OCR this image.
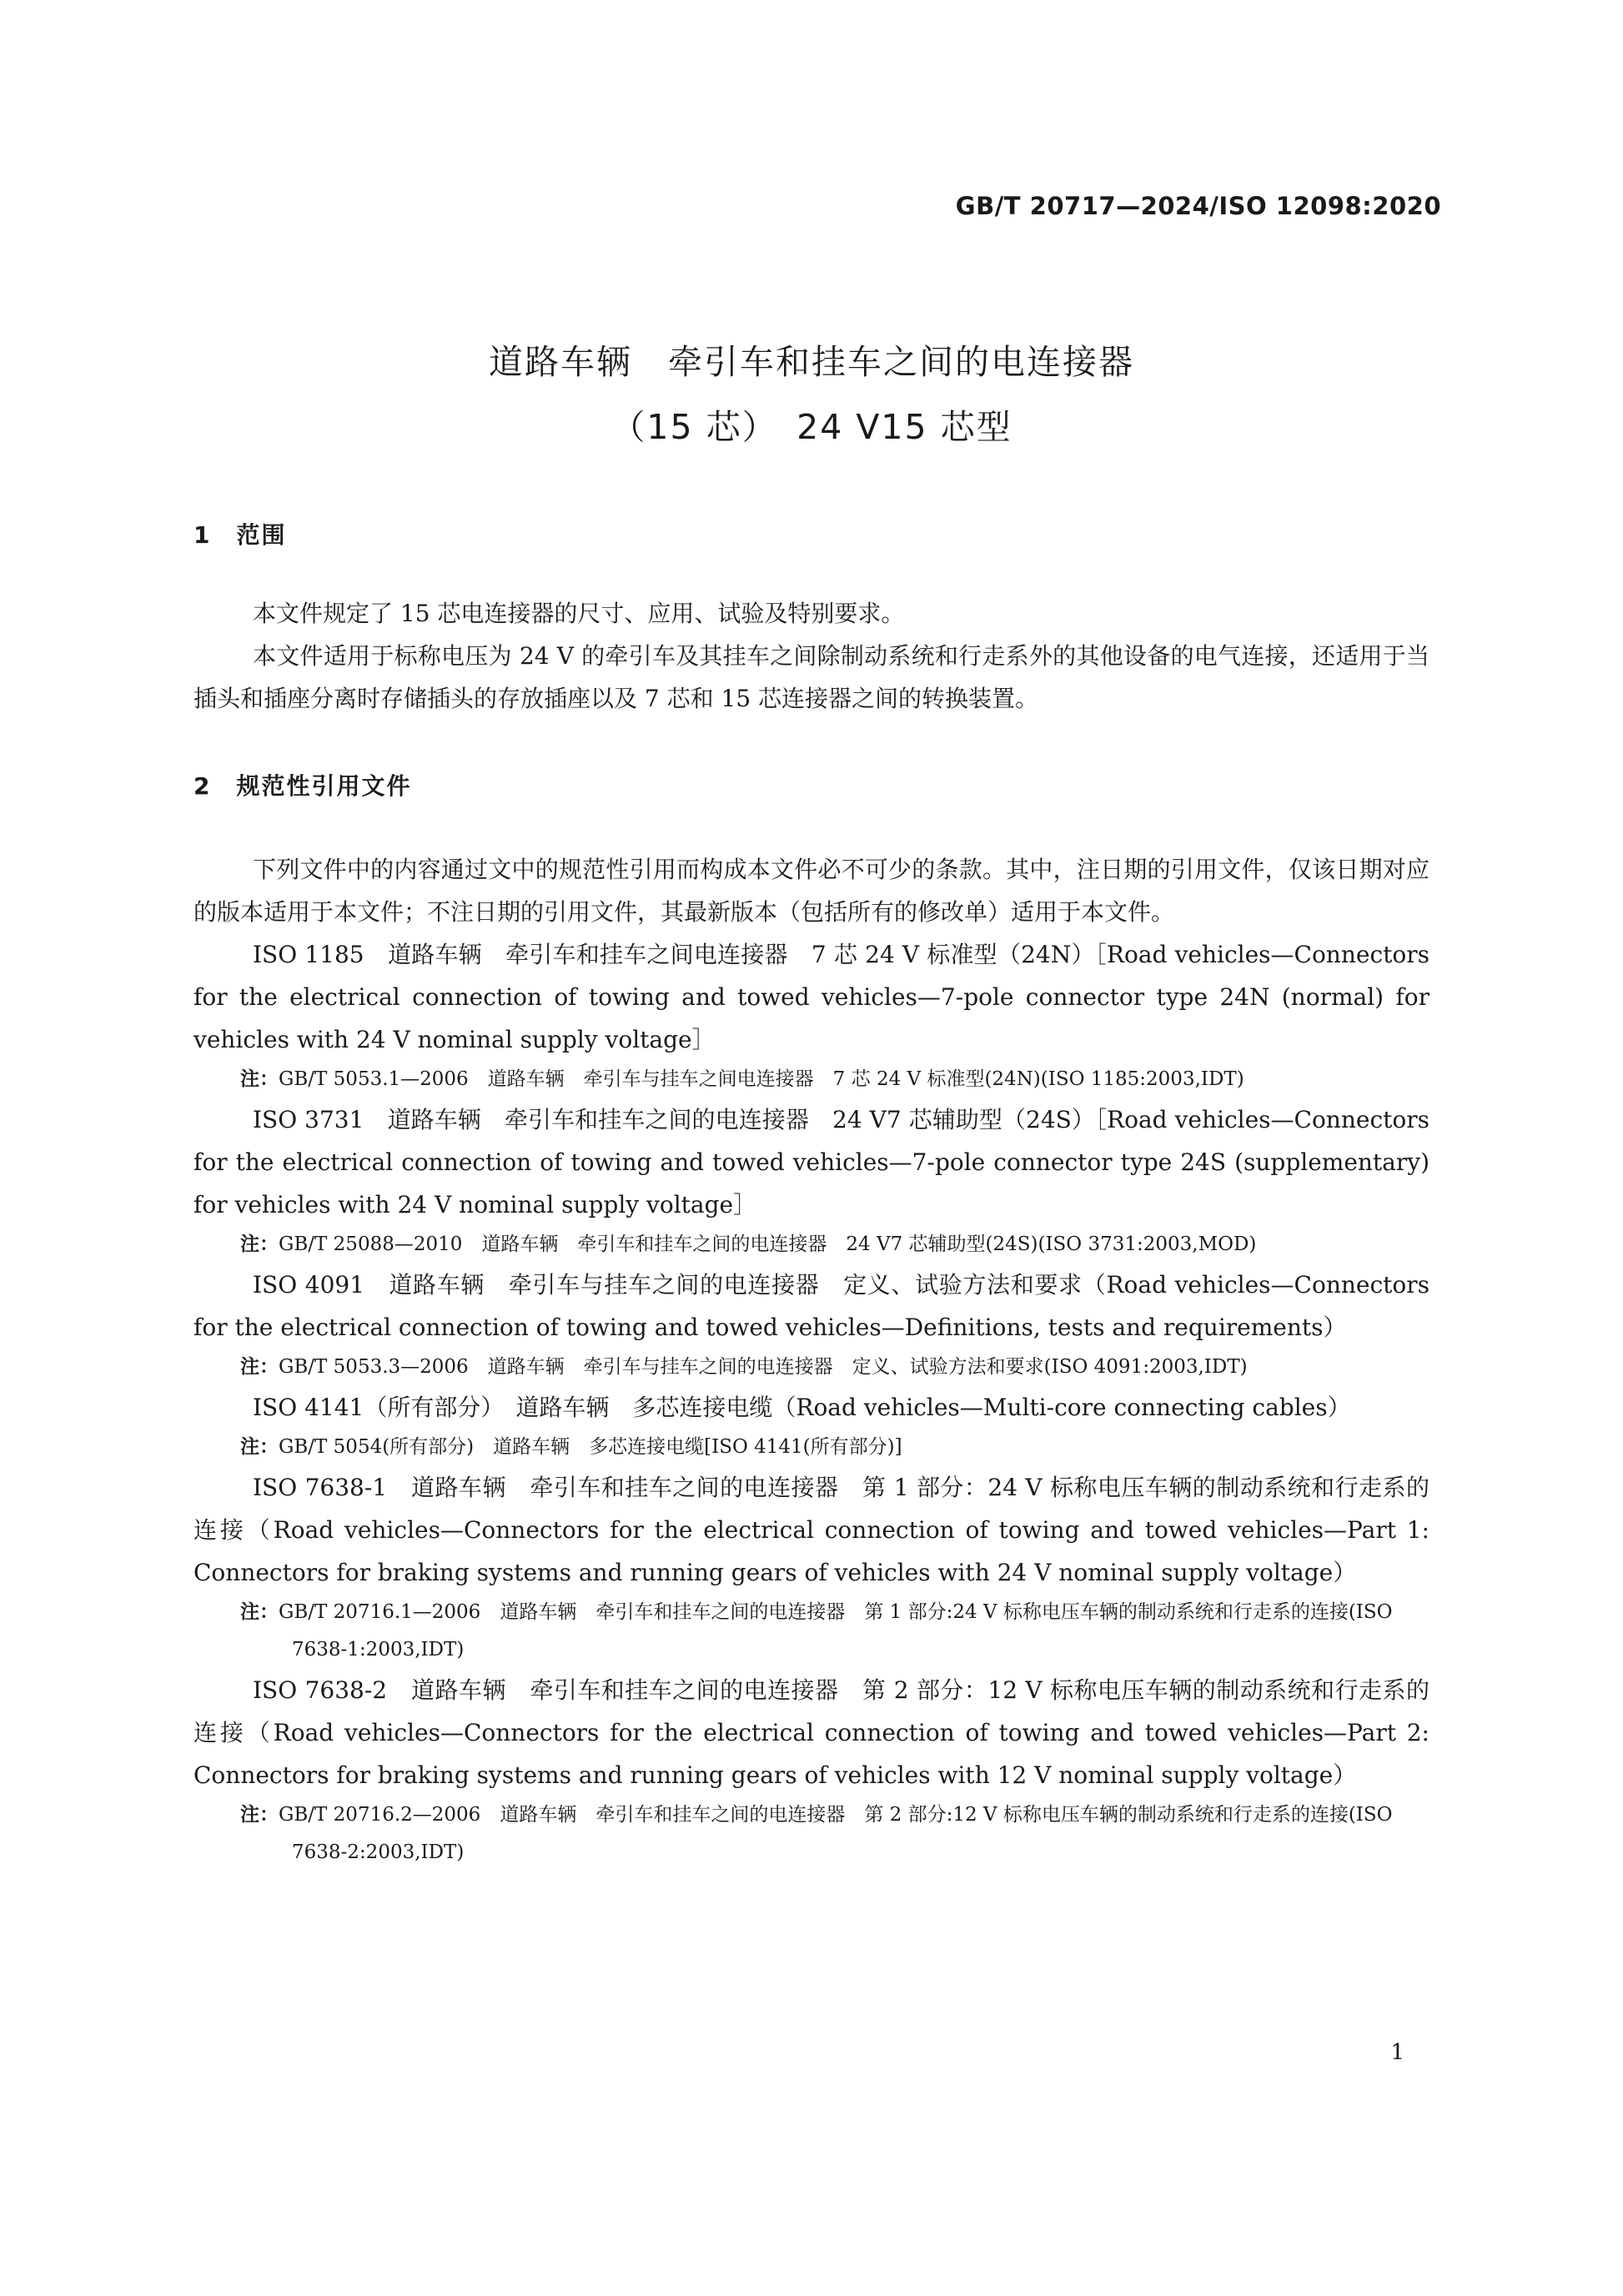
GB/T 20717—2024/ISO 12098:2020
道路车辆　牵引车和挂车之间的电连接器
（15 芯）　24 V15 芯型
1　范围

本文件规定了 15 芯电连接器的尺寸、应用、试验及特别要求。

本文件适用于标称电压为 24 V 的牵引车及其挂车之间除制动系统和行走系外的其他设备的电气连接，还适用于当插头和插座分离时存储插头的存放插座以及 7 芯和 15 芯连接器之间的转换装置。

2　规范性引用文件

下列文件中的内容通过文中的规范性引用而构成本文件必不可少的条款。其中，注日期的引用文件，仅该日期对应的版本适用于本文件；不注日期的引用文件，其最新版本（包括所有的修改单）适用于本文件。

ISO 1185　道路车辆　牵引车和挂车之间电连接器　7 芯 24 V 标准型（24N）［Road vehicles—Connectors for the electrical connection of towing and towed vehicles—7-pole connector type 24N (normal) for vehicles with 24 V nominal supply voltage］

注：GB/T 5053.1—2006　道路车辆　牵引车与挂车之间电连接器　7 芯 24 V 标准型(24N)(ISO 1185:2003,IDT)

ISO 3731　道路车辆　牵引车和挂车之间的电连接器　24 V7 芯辅助型（24S）［Road vehicles—Connectors for the electrical connection of towing and towed vehicles—7-pole connector type 24S (supplementary) for vehicles with 24 V nominal supply voltage］

注：GB/T 25088—2010　道路车辆　牵引车和挂车之间的电连接器　24 V7 芯辅助型(24S)(ISO 3731:2003,MOD)

ISO 4091　道路车辆　牵引车与挂车之间的电连接器　定义、试验方法和要求（Road vehicles—Connectors for the electrical connection of towing and towed vehicles—Definitions, tests and requirements）

注：GB/T 5053.3—2006　道路车辆　牵引车与挂车之间的电连接器　定义、试验方法和要求(ISO 4091:2003,IDT)

ISO 4141（所有部分）　道路车辆　多芯连接电缆（Road vehicles—Multi-core connecting cables）

注：GB/T 5054(所有部分)　道路车辆　多芯连接电缆[ISO 4141(所有部分)]

ISO 7638-1　道路车辆　牵引车和挂车之间的电连接器　第 1 部分：24 V 标称电压车辆的制动系统和行走系的连接（Road vehicles—Connectors for the electrical connection of towing and towed vehicles—Part 1: Connectors for braking systems and running gears of vehicles with 24 V nominal supply voltage）

注：GB/T 20716.1—2006　道路车辆　牵引车和挂车之间的电连接器　第 1 部分:24 V 标称电压车辆的制动系统和行走系的连接(ISO 7638-1:2003,IDT)

ISO 7638-2　道路车辆　牵引车和挂车之间的电连接器　第 2 部分：12 V 标称电压车辆的制动系统和行走系的连接（Road vehicles—Connectors for the electrical connection of towing and towed vehicles—Part 2: Connectors for braking systems and running gears of vehicles with 12 V nominal supply voltage）

注：GB/T 20716.2—2006　道路车辆　牵引车和挂车之间的电连接器　第 2 部分:12 V 标称电压车辆的制动系统和行走系的连接(ISO 7638-2:2003,IDT)
1
